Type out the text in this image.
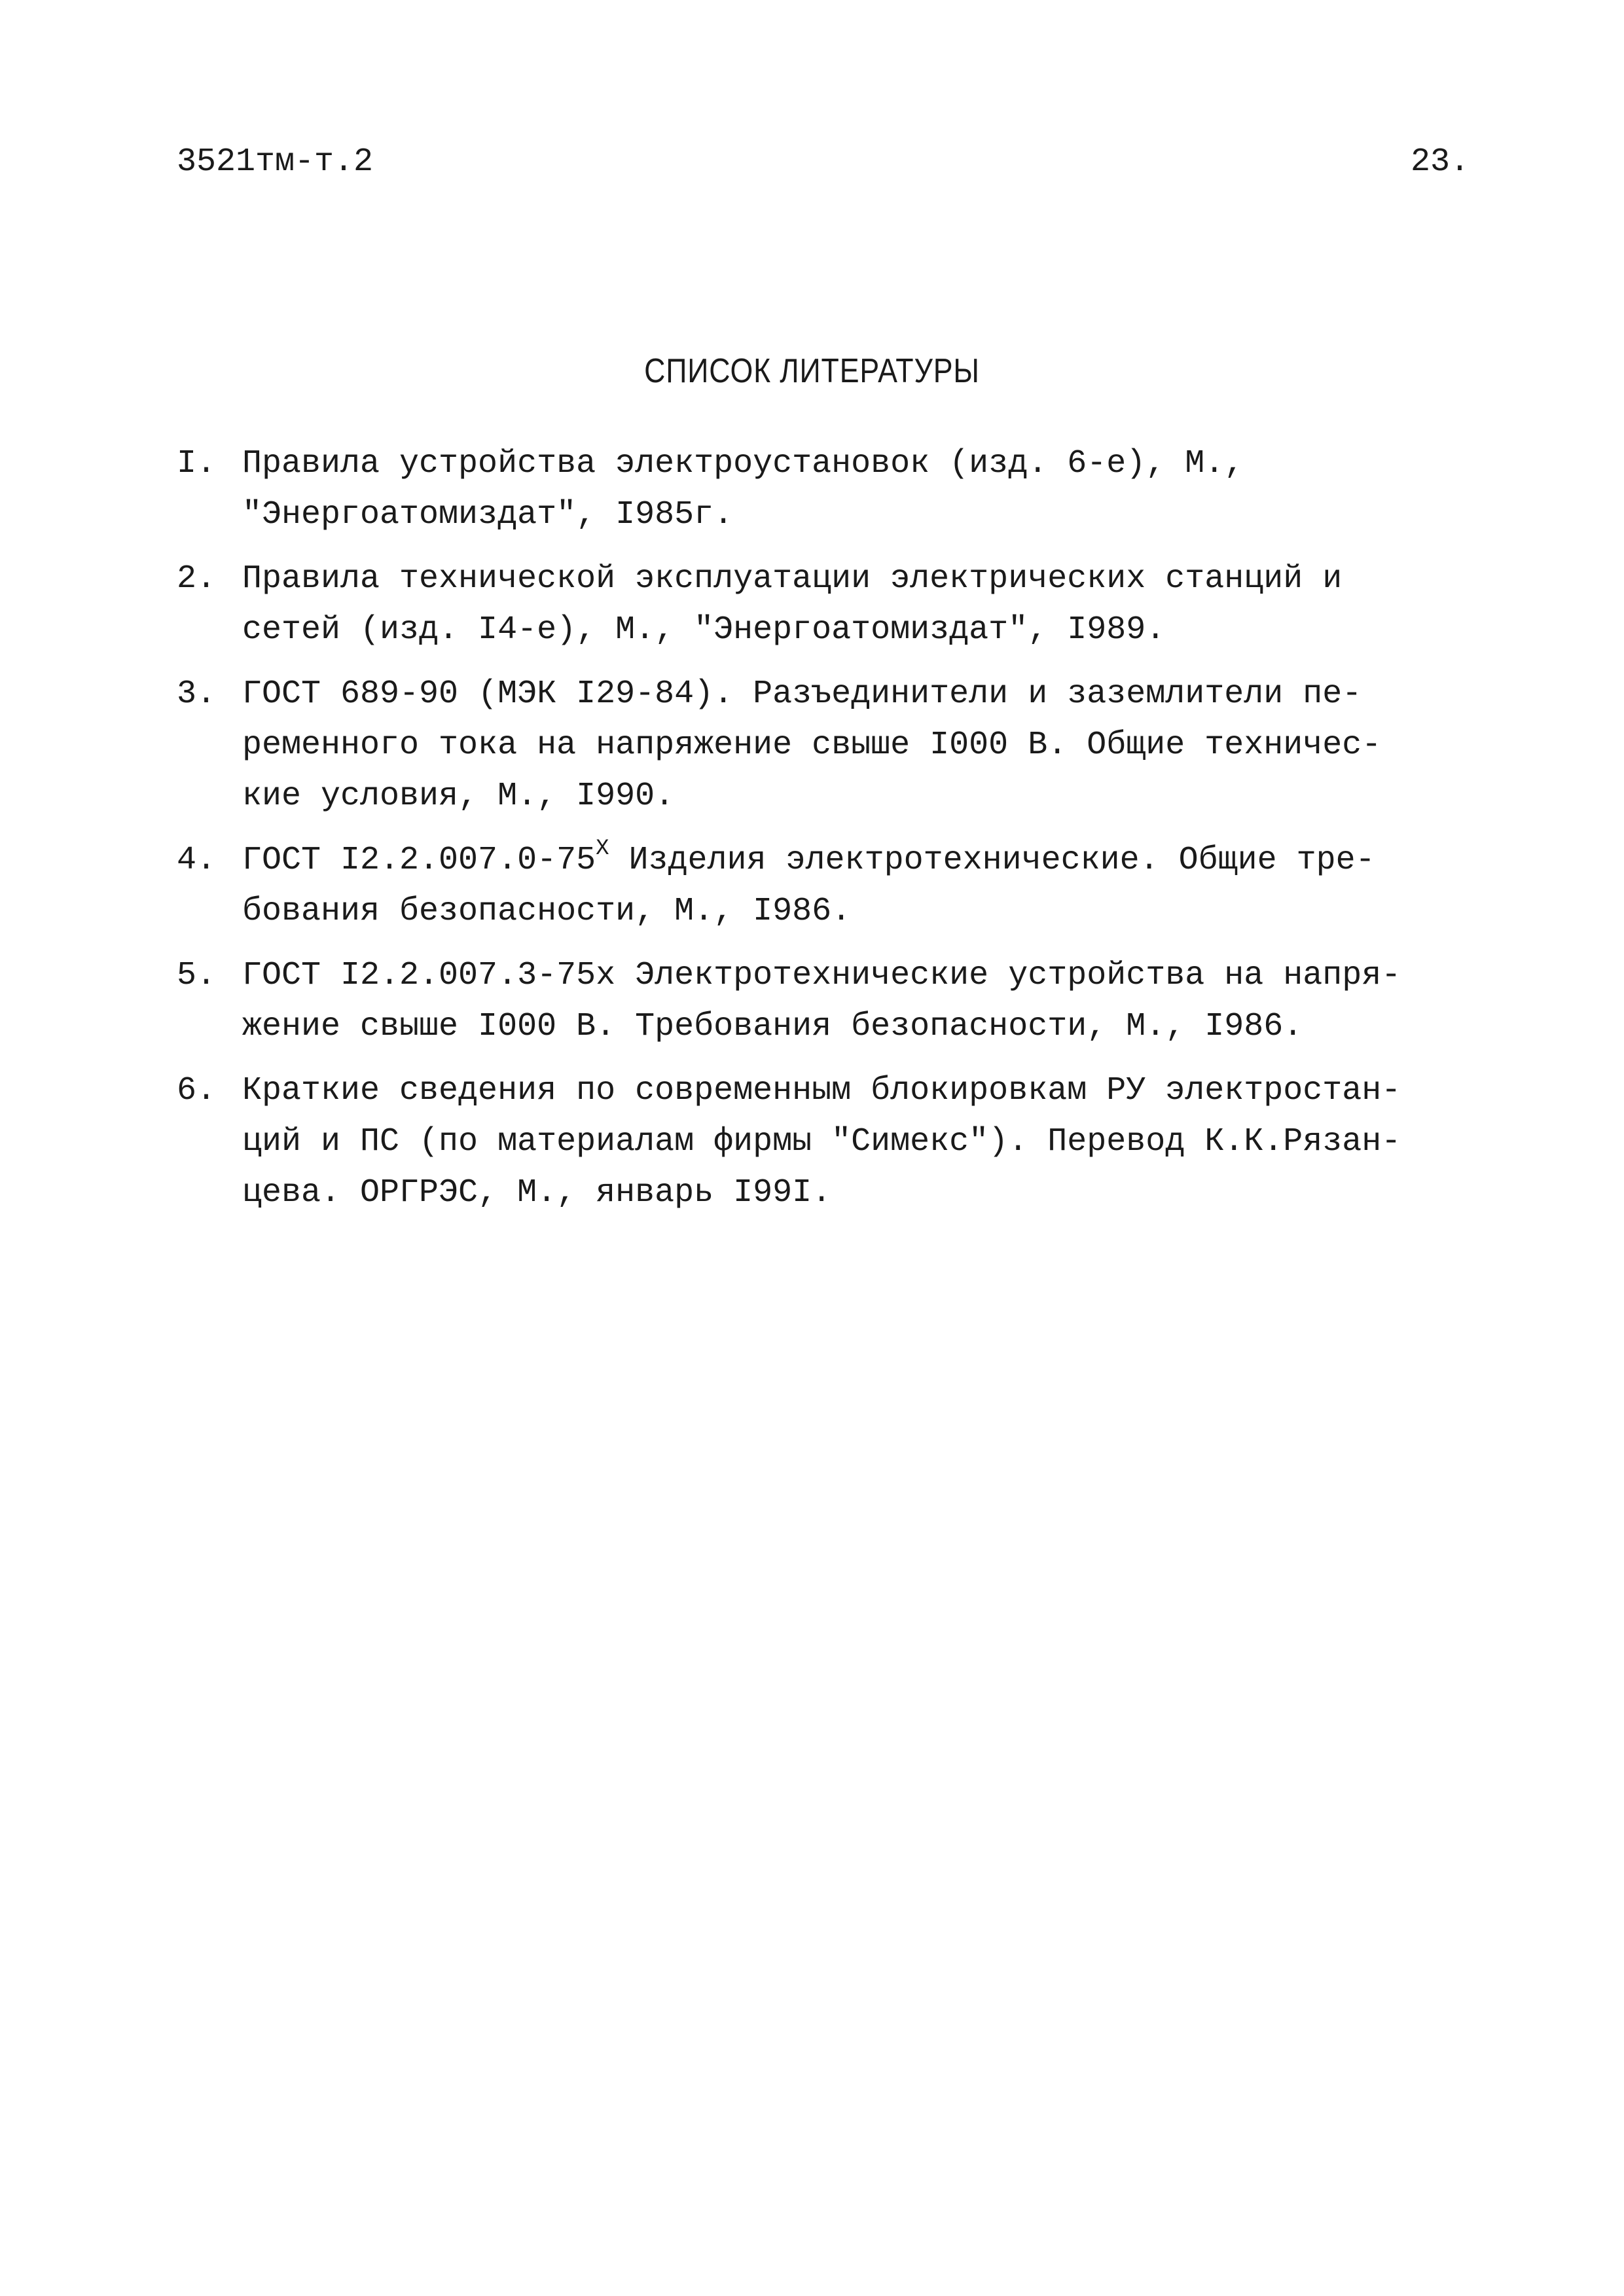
3521тм-т.2	23.
СПИСОК ЛИТЕРАТУРЫ
I. Правила устройства электроустановок (изд. 6-е), М.,
"Энергоатомиздат", I985г.
2. Правила технической эксплуатации электрических станций и
сетей (изд. I4-е), М., "Энергоатомиздат", I989.
3. ГОСТ 689-90 (МЭК I29-84). Разъединители и заземлители пе-
ременного тока на напряжение свыше I000 В. Общие техничес-
кие условия, М., I990.
4. ГОСТ $I2.2.007.0-75^Х$ Изделия электротехнические. Общие тре-
бования безопасности, М., I986.
5. ГОСТ I2.2.007.3-75х Электротехнические устройства на напря-
жение свыше I000 В. Требования безопасности, М., I986.
6. Краткие сведения по современным блокировкам РУ электростан-
ций и ПС (по материалам фирмы "Симекс"). Перевод К.К.Рязан-
цева. ОРГРЭС, М., январь I99I.
